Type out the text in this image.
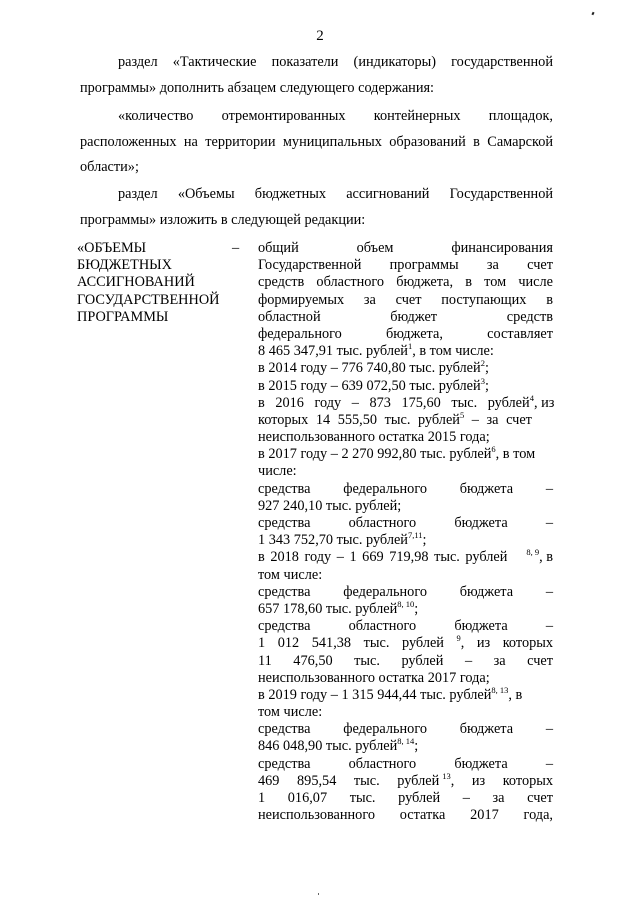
2
раздел «Тактические показатели (индикаторы) государственной программы» дополнить абзацем следующего содержания:
«количество отремонтированных контейнерных площадок, расположенных на территории муниципальных образований в Самарской области»;
раздел «Объемы бюджетных ассигнований Государственной программы» изложить в следующей редакции:
«ОБЪЕМЫ
БЮДЖЕТНЫХ
АССИГНОВАНИЙ
ГОСУДАРСТВЕННОЙ
ПРОГРАММЫ
– общий объем финансирования
Государственной программы за счет
средств областного бюджета, в том числе
формируемых за счет поступающих в
областной бюджет средств
федерального бюджета, составляет
8 465 347,91 тыс. рублей$^1$, в том числе:
в 2014 году – 776 740,80 тыс. рублей$^2$;
в 2015 году – 639 072,50 тыс. рублей$^3$;
в 2016 году – 873 175,60 тыс. рублей $^4$, из
которых 14 555,50 тыс. рублей$^5$ – за счет
неиспользованного остатка 2015 года;
в 2017 году – 2 270 992,80 тыс. рублей$^6$, в том
числе:
средства федерального бюджета –
927 240,10 тыс. рублей;
средства областного бюджета –
1 343 752,70 тыс. рублей$^{7,11}$;
в 2018 году – 1 669 719,98 тыс. рублей $^{8, 9}$, в
том числе:
средства федерального бюджета –
657 178,60 тыс. рублей$^{8, 10}$;
средства областного бюджета –
1 012 541,38 тыс. рублей $^9$, из которых
11 476,50 тыс. рублей – за счет
неиспользованного остатка 2017 года;
в 2019 году – 1 315 944,44 тыс. рублей$^{8, 13}$, в
том числе:
средства федерального бюджета –
846 048,90 тыс. рублей$^{8, 14}$;
средства областного бюджета –
469 895,54 тыс. рублей $^{13}$, из которых
1 016,07 тыс. рублей – за счет
неиспользованного остатка 2017 года,
